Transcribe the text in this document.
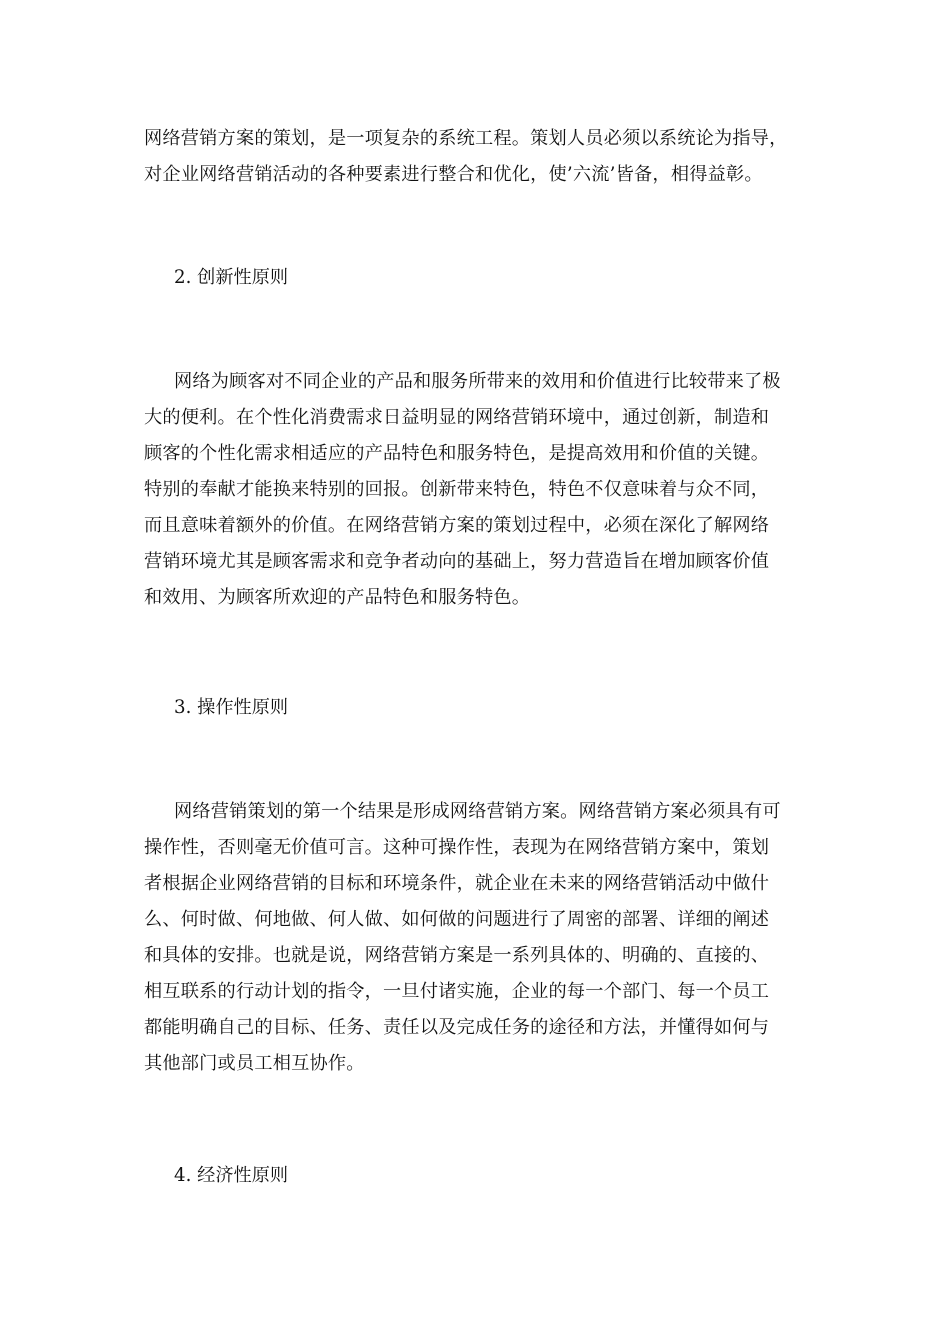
网络营销方案的策划，是一项复杂的系统工程。策划人员必须以系统论为指导，
对企业网络营销活动的各种要素进行整合和优化，使’六流’皆备，相得益彰。

2. 创新性原则

网络为顾客对不同企业的产品和服务所带来的效用和价值进行比较带来了极
大的便利。在个性化消费需求日益明显的网络营销环境中，通过创新，制造和
顾客的个性化需求相适应的产品特色和服务特色，是提高效用和价值的关键。
特别的奉献才能换来特别的回报。创新带来特色，特色不仅意味着与众不同，
而且意味着额外的价值。在网络营销方案的策划过程中，必须在深化了解网络
营销环境尤其是顾客需求和竞争者动向的基础上，努力营造旨在增加顾客价值
和效用、为顾客所欢迎的产品特色和服务特色。

3. 操作性原则

网络营销策划的第一个结果是形成网络营销方案。网络营销方案必须具有可
操作性，否则毫无价值可言。这种可操作性，表现为在网络营销方案中，策划
者根据企业网络营销的目标和环境条件，就企业在未来的网络营销活动中做什
么、何时做、何地做、何人做、如何做的问题进行了周密的部署、详细的阐述
和具体的安排。也就是说，网络营销方案是一系列具体的、明确的、直接的、
相互联系的行动计划的指令，一旦付诸实施，企业的每一个部门、每一个员工
都能明确自己的目标、任务、责任以及完成任务的途径和方法，并懂得如何与
其他部门或员工相互协作。

4. 经济性原则
